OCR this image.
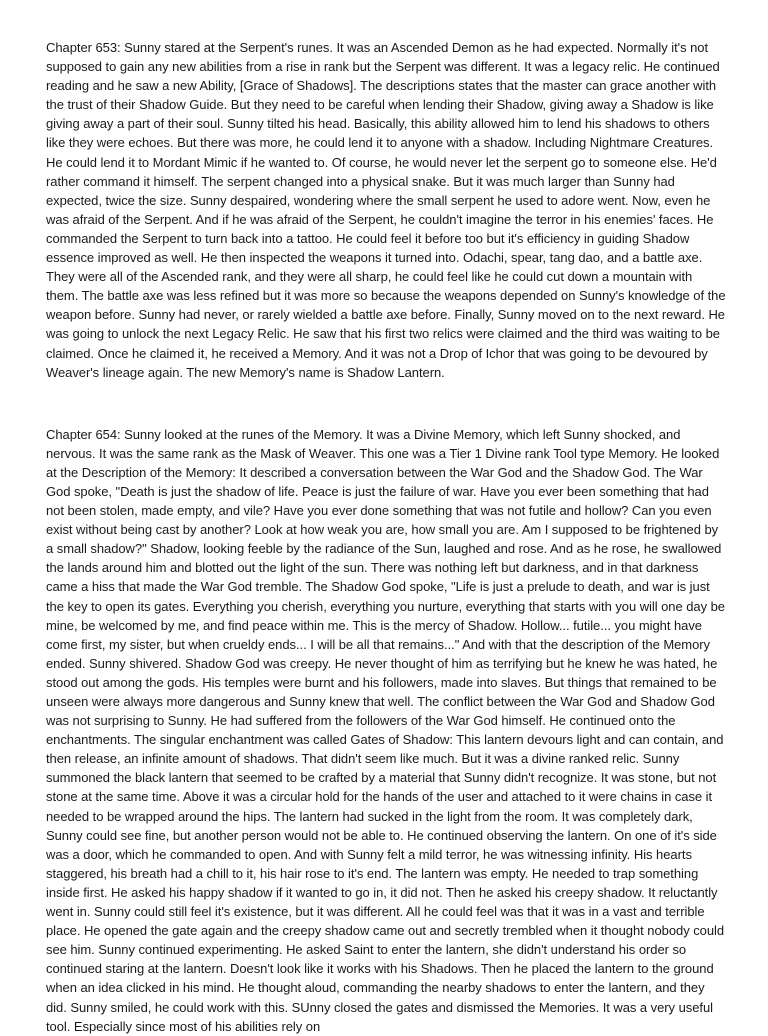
Chapter 653: Sunny stared at the Serpent's runes. It was an Ascended Demon as he had expected. Normally it's not supposed to gain any new abilities from a rise in rank but the Serpent was different. It was a legacy relic. He continued reading and he saw a new Ability, [Grace of Shadows]. The descriptions states that the master can grace another with the trust of their Shadow Guide. But they need to be careful when lending their Shadow, giving away a Shadow is like giving away a part of their soul. Sunny tilted his head. Basically, this ability allowed him to lend his shadows to others like they were echoes. But there was more, he could lend it to anyone with a shadow. Including Nightmare Creatures. He could lend it to Mordant Mimic if he wanted to. Of course, he would never let the serpent go to someone else. He'd rather command it himself. The serpent changed into a physical snake. But it was much larger than Sunny had expected, twice the size. Sunny despaired, wondering where the small serpent he used to adore went. Now, even he was afraid of the Serpent. And if he was afraid of the Serpent, he couldn't imagine the terror in his enemies' faces. He commanded the Serpent to turn back into a tattoo. He could feel it before too but it's efficiency in guiding Shadow essence improved as well. He then inspected the weapons it turned into. Odachi, spear, tang dao, and a battle axe. They were all of the Ascended rank, and they were all sharp, he could feel like he could cut down a mountain with them. The battle axe was less refined but it was more so because the weapons depended on Sunny's knowledge of the weapon before. Sunny had never, or rarely wielded a battle axe before. Finally, Sunny moved on to the next reward. He was going to unlock the next Legacy Relic. He saw that his first two relics were claimed and the third was waiting to be claimed. Once he claimed it, he received a Memory. And it was not a Drop of Ichor that was going to be devoured by Weaver's lineage again. The new Memory's name is Shadow Lantern.

Chapter 654: Sunny looked at the runes of the Memory. It was a Divine Memory, which left Sunny shocked, and nervous. It was the same rank as the Mask of Weaver. This one was a Tier 1 Divine rank Tool type Memory. He looked at the Description of the Memory: It described a conversation between the War God and the Shadow God. The War God spoke, "Death is just the shadow of life. Peace is just the failure of war. Have you ever been something that had not been stolen, made empty, and vile? Have you ever done something that was not futile and hollow? Can you even exist without being cast by another? Look at how weak you are, how small you are. Am I supposed to be frightened by a small shadow?" Shadow, looking feeble by the radiance of the Sun, laughed and rose. And as he rose, he swallowed the lands around him and blotted out the light of the sun. There was nothing left but darkness, and in that darkness came a hiss that made the War God tremble. The Shadow God spoke, "Life is just a prelude to death, and war is just the key to open its gates. Everything you cherish, everything you nurture, everything that starts with you will one day be mine, be welcomed by me, and find peace within me. This is the mercy of Shadow. Hollow... futile... you might have come first, my sister, but when crueldy ends... I will be all that remains..." And with that the description of the Memory ended. Sunny shivered. Shadow God was creepy. He never thought of him as terrifying but he knew he was hated, he stood out among the gods. His temples were burnt and his followers, made into slaves. But things that remained to be unseen were always more dangerous and Sunny knew that well. The conflict between the War God and Shadow God was not surprising to Sunny. He had suffered from the followers of the War God himself. He continued onto the enchantments. The singular enchantment was called Gates of Shadow: This lantern devours light and can contain, and then release, an infinite amount of shadows. That didn't seem like much. But it was a divine ranked relic. Sunny summoned the black lantern that seemed to be crafted by a material that Sunny didn't recognize. It was stone, but not stone at the same time. Above it was a circular hold for the hands of the user and attached to it were chains in case it needed to be wrapped around the hips. The lantern had sucked in the light from the room. It was completely dark, Sunny could see fine, but another person would not be able to. He continued observing the lantern. On one of it's side was a door, which he commanded to open. And with Sunny felt a mild terror, he was witnessing infinity. His hearts staggered, his breath had a chill to it, his hair rose to it's end. The lantern was empty. He needed to trap something inside first. He asked his happy shadow if it wanted to go in, it did not. Then he asked his creepy shadow. It reluctantly went in. Sunny could still feel it's existence, but it was different. All he could feel was that it was in a vast and terrible place. He opened the gate again and the creepy shadow came out and secretly trembled when it thought nobody could see him. Sunny continued experimenting. He asked Saint to enter the lantern, she didn't understand his order so continued staring at the lantern. Doesn't look like it works with his Shadows. Then he placed the lantern to the ground when an idea clicked in his mind. He thought aloud, commanding the nearby shadows to enter the lantern, and they did. Sunny smiled, he could work with this. SUnny closed the gates and dismissed the Memories. It was a very useful tool. Especially since most of his abilities rely on
